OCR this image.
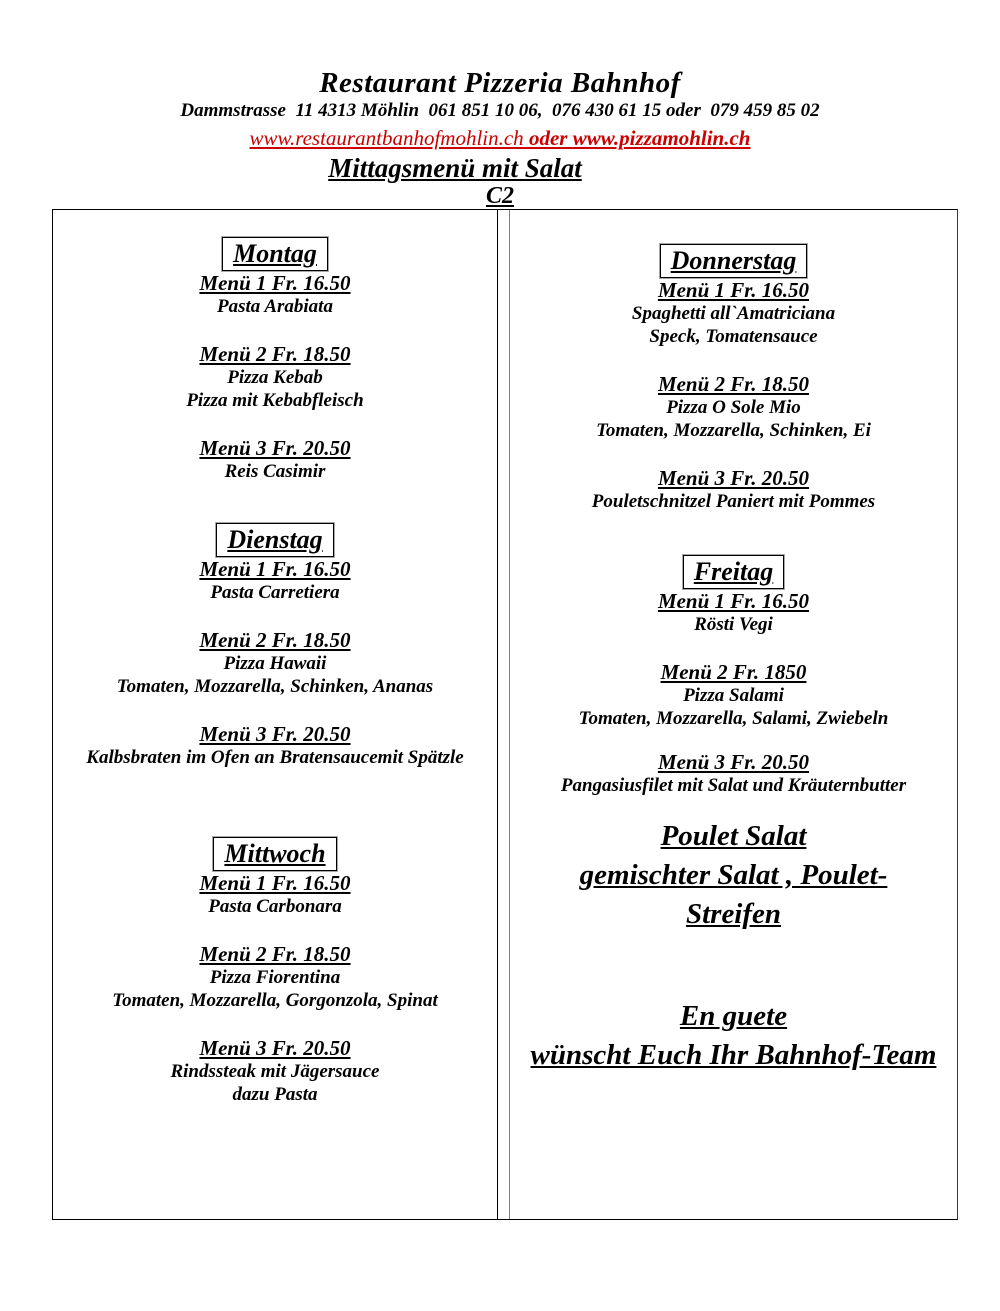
Restaurant Pizzeria Bahnhof
Dammstrasse  11 4313 Möhlin  061 851 10 06,  076 430 61 15 oder  079 459 85 02
www.restaurantbanhofmohlin.ch oder www.pizzamohlin.ch
Mittagsmenü mit Salat
C2
Montag
Menü 1 Fr. 16.50
Pasta Arabiata
Menü 2 Fr. 18.50
Pizza Kebab
Pizza mit Kebabfleisch
Menü 3 Fr. 20.50
Reis Casimir
Dienstag
Menü 1 Fr. 16.50
Pasta Carretiera
Menü 2 Fr. 18.50
Pizza Hawaii
Tomaten, Mozzarella, Schinken, Ananas
Menü 3 Fr. 20.50
Kalbsbraten im Ofen an Bratensaucemit Spätzle
Mittwoch
Menü 1 Fr. 16.50
Pasta Carbonara
Menü 2 Fr. 18.50
Pizza Fiorentina
Tomaten, Mozzarella, Gorgonzola, Spinat
Menü 3 Fr. 20.50
Rindssteak mit Jägersauce
dazu Pasta
Donnerstag
Menü 1 Fr. 16.50
Spaghetti all`Amatriciana
Speck, Tomatensauce
Menü 2 Fr. 18.50
Pizza O Sole Mio
Tomaten, Mozzarella, Schinken, Ei
Menü 3 Fr. 20.50
Pouletschnitzel Paniert mit Pommes
Freitag
Menü 1 Fr. 16.50
Rösti Vegi
Menü 2 Fr. 1850
Pizza Salami
Tomaten, Mozzarella, Salami, Zwiebeln
Menü 3 Fr. 20.50
Pangasiusfilet mit Salat und Kräuternbutter
Poulet Salat
gemischter Salat , Poulet-
Streifen
En guete
wünscht Euch Ihr Bahnhof-Team
